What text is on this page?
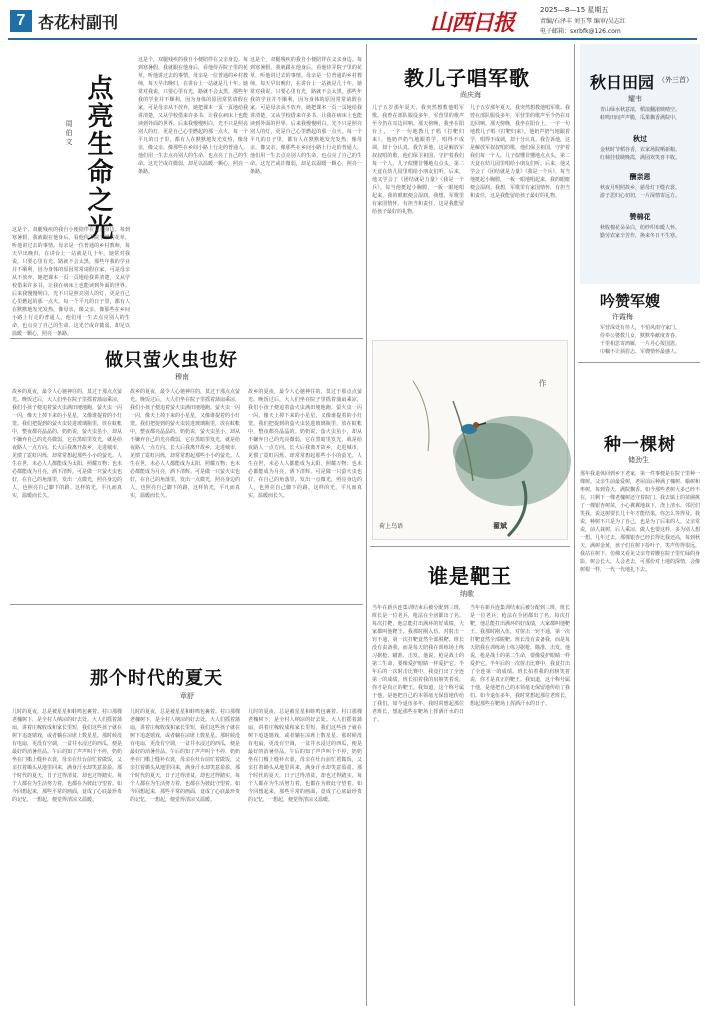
7 杏花村副刊	山西日报	2025—8—15 星期五
责编/石泽丰 刘玉琴 编审/吴志红
电子邮箱：sxrbfk@126.com
点亮生命之光
周伯文
这是个，双腿残疾的我自小便陪伴在父亲身边。每到寒暑假，我就跟在他身后，看他侍弄院子里的花草，听他讲过去的事情。母亲是一位普通的乡村教师，每天早出晚归，在讲台上一站就是几十年。她常对我说，只要心里有光，路就不会太黑。那些年我的学业并不顺利，因为身体的原因常常请假在家。可是母亲从不放弃，她把课本一页一页地给我讲清楚，又从学校借来许多书，让我在病床上也能读到外面的世界。后来我慢慢明白，光不只是照亮别人的灯，更是自己心里燃起的那一点火。每一个平凡的日子里，都有人在默默地发光发热，像母亲，像父亲，像那些在乡间小路上行走的普通人。他们用一生去点亮别人的生命，也点亮了自己的生命。这光芒或许微弱，却足以温暖一颗心，照亮一条路。
这是个，双腿残疾的我自小便陪伴在父亲身边。每到寒暑假，我就跟在他身后，看他侍弄院子里的花草，听他讲过去的事情。母亲是一位普通的乡村教师，每天早出晚归，在讲台上一站就是几十年。她常对我说，只要心里有光，路就不会太黑。那些年我的学业并不顺利，因为身体的原因常常请假在家。可是母亲从不放弃，她把课本一页一页地给我讲清楚，又从学校借来许多书，让我在病床上也能读到外面的世界。后来我慢慢明白，光不只是照亮别人的灯，更是自己心里燃起的那一点火。每一个平凡的日子里，都有人在默默地发光发热，像母亲，像父亲，像那些在乡间小路上行走的普通人。他们用一生去点亮别人的生命，也点亮了自己的生命。这光芒或许微弱，却足以温暖一颗心，照亮一条路。
这是个，双腿残疾的我自小便陪伴在父亲身边。每到寒暑假，我就跟在他身后，看他侍弄院子里的花草，听他讲过去的事情。母亲是一位普通的乡村教师，每天早出晚归，在讲台上一站就是几十年。她常对我说，只要心里有光，路就不会太黑。那些年我的学业并不顺利，因为身体的原因常常请假在家。可是母亲从不放弃，她把课本一页一页地给我讲清楚，又从学校借来许多书，让我在病床上也能读到外面的世界。后来我慢慢明白，光不只是照亮别人的灯，更是自己心里燃起的那一点火。每一个平凡的日子里，都有人在默默地发光发热，像母亲，像父亲，像那些在乡间小路上行走的普通人。他们用一生去点亮别人的生命，也点亮了自己的生命。这光芒或许微弱，却足以温暖一颗心，照亮一条路。
做只萤火虫也好
穆南
故乡的夏夜，最令人心驰神往的，莫过于那点点萤光。晚饭过后，大人们坐在院子里摇着蒲扇乘凉，我们小孩子便追着萤火虫满田埂地跑。萤火虫一闪一闪，像天上掉下来的小星星，又像谁提着的小灯笼。我们把捉到的萤火虫装进玻璃瓶里，放在蚊帐中，整夜都亮晶晶的。奶奶说，萤火虫虽小，却从不嫌弃自己的光亮微弱，它在黑暗里发光，就是给夜路人一点方向。长大后我离开故乡，走进城市，见惯了霓虹闪烁，却常常想起那些小小的萤光。人生在世，未必人人都能成为太阳，照耀万物；也未必都能成为月亮，洒下清辉。可是做一只萤火虫也好，在自己的角落里，发出一点微光，照亮身边的人，也照亮自己脚下的路。这样的光，平凡而真实，温暖而长久。
故乡的夏夜，最令人心驰神往的，莫过于那点点萤光。晚饭过后，大人们坐在院子里摇着蒲扇乘凉，我们小孩子便追着萤火虫满田埂地跑。萤火虫一闪一闪，像天上掉下来的小星星，又像谁提着的小灯笼。我们把捉到的萤火虫装进玻璃瓶里，放在蚊帐中，整夜都亮晶晶的。奶奶说，萤火虫虽小，却从不嫌弃自己的光亮微弱，它在黑暗里发光，就是给夜路人一点方向。长大后我离开故乡，走进城市，见惯了霓虹闪烁，却常常想起那些小小的萤光。人生在世，未必人人都能成为太阳，照耀万物；也未必都能成为月亮，洒下清辉。可是做一只萤火虫也好，在自己的角落里，发出一点微光，照亮身边的人，也照亮自己脚下的路。这样的光，平凡而真实，温暖而长久。
故乡的夏夜，最令人心驰神往的，莫过于那点点萤光。晚饭过后，大人们坐在院子里摇着蒲扇乘凉，我们小孩子便追着萤火虫满田埂地跑。萤火虫一闪一闪，像天上掉下来的小星星，又像谁提着的小灯笼。我们把捉到的萤火虫装进玻璃瓶里，放在蚊帐中，整夜都亮晶晶的。奶奶说，萤火虫虽小，却从不嫌弃自己的光亮微弱，它在黑暗里发光，就是给夜路人一点方向。长大后我离开故乡，走进城市，见惯了霓虹闪烁，却常常想起那些小小的萤光。人生在世，未必人人都能成为太阳，照耀万物；也未必都能成为月亮，洒下清辉。可是做一只萤火虫也好，在自己的角落里，发出一点微光，照亮身边的人，也照亮自己脚下的路。这样的光，平凡而真实，温暖而长久。
那个时代的夏天
章舒
儿时的夏夜，总是被星星和蛙鸣包裹着。村口那棵老槐树下，是全村人纳凉的好去处。大人们摇着蒲扇，讲着庄稼收成和家长里短，我们这些孩子就在树下追逐嬉戏，或者躺在凉席上数星星。那时候没有电扇，更没有空调，一盆井水浸过的西瓜，便是最好的消暑佳品。午后的知了声声叫个不停，奶奶坐在门槛上缝补衣裳，母亲在灶台前忙着做饭，父亲扛着锄头从地里回来，满身汗水却笑意盈盈。那个时代的夏天，日子过得清贫，却也过得踏实。每个人都在为生活努力着，也都在为彼此守望着。如今回想起来，那些平常的画面，竟成了心底最珍贵的记忆，一想起，便觉得清凉又温暖。
儿时的夏夜，总是被星星和蛙鸣包裹着。村口那棵老槐树下，是全村人纳凉的好去处。大人们摇着蒲扇，讲着庄稼收成和家长里短，我们这些孩子就在树下追逐嬉戏，或者躺在凉席上数星星。那时候没有电扇，更没有空调，一盆井水浸过的西瓜，便是最好的消暑佳品。午后的知了声声叫个不停，奶奶坐在门槛上缝补衣裳，母亲在灶台前忙着做饭，父亲扛着锄头从地里回来，满身汗水却笑意盈盈。那个时代的夏天，日子过得清贫，却也过得踏实。每个人都在为生活努力着，也都在为彼此守望着。如今回想起来，那些平常的画面，竟成了心底最珍贵的记忆，一想起，便觉得清凉又温暖。
儿时的夏夜，总是被星星和蛙鸣包裹着。村口那棵老槐树下，是全村人纳凉的好去处。大人们摇着蒲扇，讲着庄稼收成和家长里短，我们这些孩子就在树下追逐嬉戏，或者躺在凉席上数星星。那时候没有电扇，更没有空调，一盆井水浸过的西瓜，便是最好的消暑佳品。午后的知了声声叫个不停，奶奶坐在门槛上缝补衣裳，母亲在灶台前忙着做饭，父亲扛着锄头从地里回来，满身汗水却笑意盈盈。那个时代的夏天，日子过得清贫，却也过得踏实。每个人都在为生活努力着，也都在为彼此守望着。如今回想起来，那些平常的画面，竟成了心底最珍贵的记忆，一想起，便觉得清凉又温暖。
教儿子唱军歌
尚庆海
儿子五岁那年夏天，我突然想教他唱军歌。我曾在部队服役多年，军营里的歌声至今仍在耳边回响。那天傍晚，我坐在阳台上，一字一句地教儿子唱《打靶归来》。他奶声奶气地跟着学，唱得不成调，却十分认真。我告诉他，这是解放军叔叔唱的歌，他们保卫祖国，守护着我们每一个人。儿子似懂非懂地点点头，第二天竟在幼儿园里唱给小朋友们听。后来，他又学会了《团结就是力量》《我是一个兵》。每当他挺起小胸膛，一板一眼地唱起来，我的眼眶便会湿润。我想，军歌里有家国情怀，有担当和责任，这是我能留给孩子最好的礼物。
儿子五岁那年夏天，我突然想教他唱军歌。我曾在部队服役多年，军营里的歌声至今仍在耳边回响。那天傍晚，我坐在阳台上，一字一句地教儿子唱《打靶归来》。他奶声奶气地跟着学，唱得不成调，却十分认真。我告诉他，这是解放军叔叔唱的歌，他们保卫祖国，守护着我们每一个人。儿子似懂非懂地点点头，第二天竟在幼儿园里唱给小朋友们听。后来，他又学会了《团结就是力量》《我是一个兵》。每当他挺起小胸膛，一板一眼地唱起来，我的眼眶便会湿润。我想，军歌里有家国情怀，有担当和责任，这是我能留给孩子最好的礼物。
荷上鸟语	翟斌
作
谁是靶王
纳歌
当年在新兵连集训结束后被分配到三班，班长是一位老兵，枪法在全团都出了名。每次打靶，他总能打出满环的好成绩，大家都叫他靶王。我那时刚入伍，对射击一窍不通，第一次打靶竟然全部脱靶。班长没有责备我，而是每天陪我在训练场上练习据枪、瞄准、击发。他说，枪是战士的第二生命，要像爱护眼睛一样爱护它。半年后的一次射击比赛中，我竟打出了全连第一的成绩。班长拍着我的肩膀笑着说，你才是真正的靶王。我知道，这个称号属于他，是他把自己的本领毫无保留地传给了我们。如今退伍多年，我时常想起那位老班长，想起那些在靶场上挥洒汗水的日子。
当年在新兵连集训结束后被分配到三班，班长是一位老兵，枪法在全团都出了名。每次打靶，他总能打出满环的好成绩，大家都叫他靶王。我那时刚入伍，对射击一窍不通，第一次打靶竟然全部脱靶。班长没有责备我，而是每天陪我在训练场上练习据枪、瞄准、击发。他说，枪是战士的第二生命，要像爱护眼睛一样爱护它。半年后的一次射击比赛中，我竟打出了全连第一的成绩。班长拍着我的肩膀笑着说，你才是真正的靶王。我知道，这个称号属于他，是他把自己的本领毫无保留地传给了我们。如今退伍多年，我时常想起那位老班长，想起那些在靶场上挥洒汗水的日子。
秋日田园 （外三首）
耀韦
青山绿水秋意浓，稻浪翻滚映晴空。
蛙鸣田间声声脆，瓜果飘香满院中。
秋过
金秋时节稻谷香，农家场院晒新粮。
红柿挂枝映晚霞，满园欢笑喜丰收。
酬亲恩
秋夜月明照故乡，慈母灯下缝衣裳。
游子思归心切切，一片深情寄远方。
赞棉花
秋收棉花朵朵白，纺纱织布暖人怀。
勤劳农家辛苦作，换来冬日不生寒。
吟赞军嫂
许霞梅
军营深处有佳人，不怕风雨守家门。
侍奉公婆教儿女，默默奉献度青春。
千里相思寄鸿雁，一片丹心报国恩。
巾帼不让须眉志，军嫂情怀最感人。
种一棵树
储劲生
那年我退休回到乡下老家，第一件事便是在院子里种一棵树。父亲生前最爱树，老屋前后种满了槐树、榆树和枣树，每到春天，满院飘香。如今那些老树大多已经不在，只剩下一棵老槐树还守着院门。我去镇上的苗圃挑了一棵银杏树苗，小心翼翼地栽下，浇上清水。邻居们笑我，说这树要长几十年才能结果，你怎么等得及。我说，种树不只是为了自己，也是为了后来的人。父亲常说，前人栽树，后人乘凉，做人也要这样，多为别人想一想。几年过去，那棵银杏已经长得比我还高，每到秋天，满树金黄，孩子们在树下捡叶子，笑声传得很远。我站在树下，仿佛又看见父亲弯着腰在院子里忙碌的身影。树会长大，人会老去，可那份对土地的深情，会像树根一样，一代一代地扎下去。
